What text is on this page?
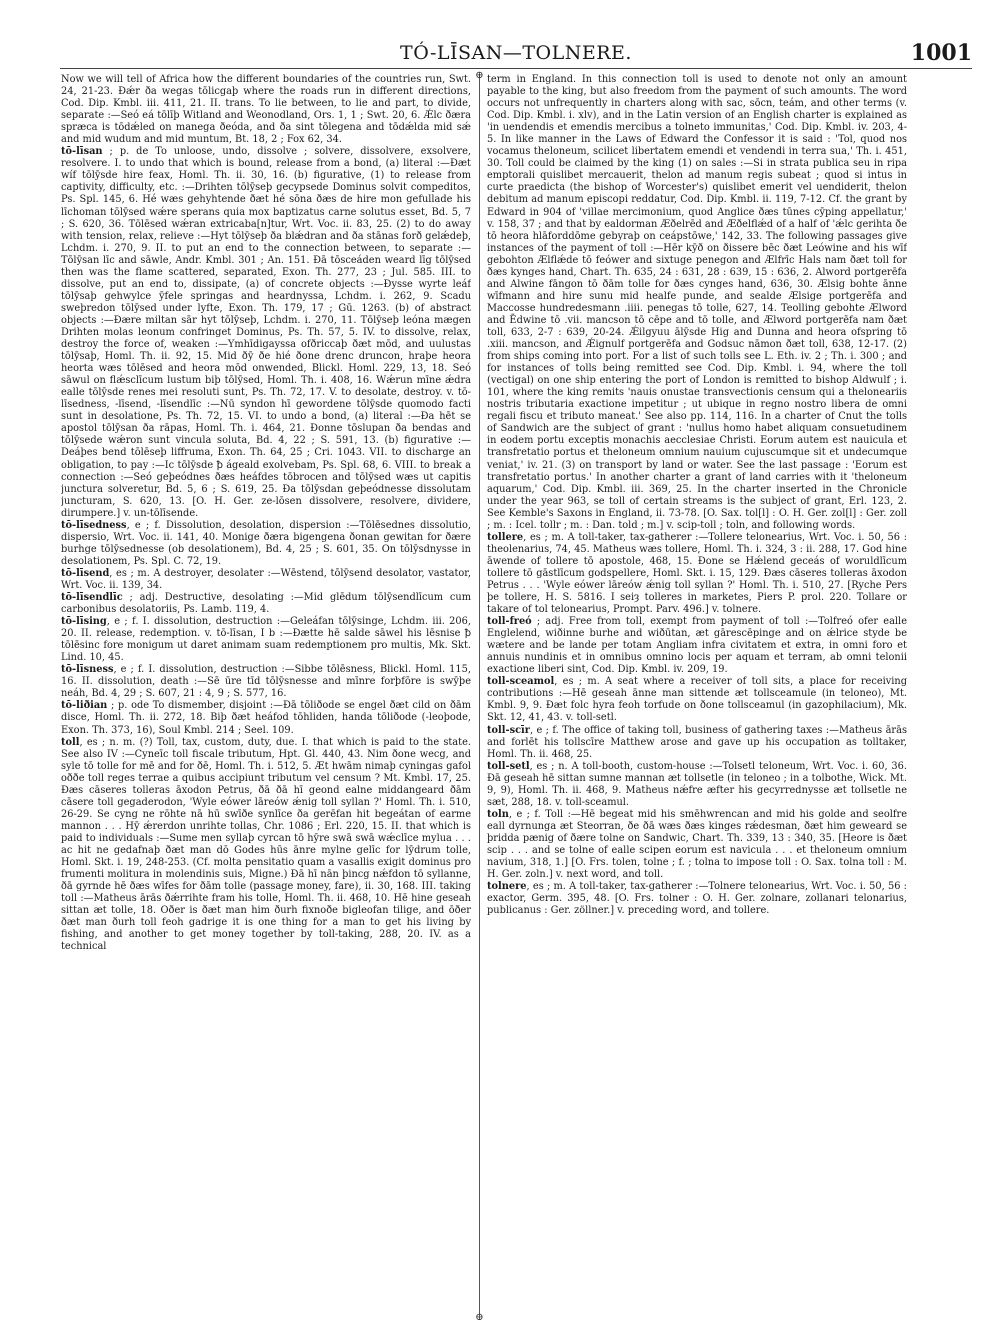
TÓ-LĪSAN—TOLNERE.	1001
⊕
⊕

Now we will tell of Africa how the different boundaries of the countries run, Swt. 24, 21-23. Ðǽr ða wegas tōlicgaþ where the roads run in different directions, Cod. Dip. Kmbl. iii. 411, 21. II. trans. To lie between, to lie and part, to divide, separate :—Seó eá tōlīþ Witland and Weonodland, Ors. 1, 1 ; Swt. 20, 6. Ǽlc ðæra spræca is tōdǽled on manega ðeóda, and ða sint tōlegena and tōdǽlda mid sǽ and mid wudum and mid muntum, Bt. 18, 2 ; Fox 62, 34.

tō-līsan ; p. de To unloose, undo, dissolve ; solvere, dissolvere, exsolvere, resolvere. I. to undo that which is bound, release from a bond, (a) literal :—Ðæt wíf tōlȳsde hire feax, Homl. Th. ii. 30, 16. (b) figurative, (1) to release from captivity, difficulty, etc. :—Drihten tōlȳseþ gecypsede Dominus solvit compeditos, Ps. Spl. 145, 6. Hé wæs gehyhtende ðæt hé sōna ðæs de hire mon gefullade his līchoman tōlȳsed wǽre sperans quia mox baptizatus carne solutus esset, Bd. 5, 7 ; S. 620, 36. Tōlēsed wǽran extricaba[n]tur, Wrt. Voc. ii. 83, 25. (2) to do away with tension, relax, relieve :—Hyt tōlȳseþ ða blǽdran and ða stānas forð gelǽdeþ, Lchdm. i. 270, 9. II. to put an end to the connection between, to separate :—Tōlȳsan līc and sāwle, Andr. Kmbl. 301 ; An. 151. Ðā tōsceáden weard līg tōlȳsed then was the flame scattered, separated, Exon. Th. 277, 23 ; Jul. 585. III. to dissolve, put an end to, dissipate, (a) of concrete objects :—Ðysse wyrte leáf tōlȳsaþ gehwylce ȳfele springas and heardnyssa, Lchdm. i. 262, 9. Scadu sweþredon tōlȳsed under lyfte, Exon. Th. 179, 17 ; Gū. 1263. (b) of abstract objects :—Ðære miltan sār hyt tōlȳseþ, Lchdm. i. 270, 11. Tōlȳseþ leóna mægen Drihten molas leonum confringet Dominus, Ps. Th. 57, 5. IV. to dissolve, relax, destroy the force of, weaken :—Ymhīdigayssa ofðriccaþ ðæt mōd, and uulustas tōlȳsaþ, Homl. Th. ii. 92, 15. Mid ðȳ ðe hié ðone drenc druncon, hraþe heora heorta wæs tōlēsed and heora mōd onwended, Blickl. Homl. 229, 13, 18. Seó sāwul on flǽsclīcum lustum biþ tōlȳsed, Homl. Th. i. 408, 16. Wǽrun mīne ǽdra ealle tōlȳsde renes mei resoluti sunt, Ps. Th. 72, 17. V. to desolate, destroy. v. tō-līsedness, -līsend, -līsendlīc :—Nū syndon hī gewordene tōlȳsde quomodo facti sunt in desolatione, Ps. Th. 72, 15. VI. to undo a bond, (a) literal :—Ða hēt se apostol tōlȳsan ða rāpas, Homl. Th. i. 464, 21. Ðonne tōslupan ða bendas and tōlȳsede wǽron sunt vincula soluta, Bd. 4, 22 ; S. 591, 13. (b) figurative :—Deáþes bend tōlēseþ liffruma, Exon. Th. 64, 25 ; Cri. 1043. VII. to discharge an obligation, to pay :—Ic tōlȳsde ꝥ ágeald exolvebam, Ps. Spl. 68, 6. VIII. to break a connection :—Seó geþeódnes ðæs heáfdes tōbrocen and tōlȳsed wæs ut capitis junctura solveretur, Bd. 5, 6 ; S. 619, 25. Ða tōlȳsdan geþeódnesse dissolutam juncturam, S. 620, 13. [O. H. Ger. ze-lōsen dissolvere, resolvere, dividere, dirumpere.] v. un-tōlīsende.

tō-līsedness, e ; f. Dissolution, desolation, dispersion :—Tōlēsednes dissolutio, dispersio, Wrt. Voc. ii. 141, 40. Monige ðæra bigengena ðonan gewitan for ðære burhge tōlȳsednesse (ob desolationem), Bd. 4, 25 ; S. 601, 35. On tōlȳsdnysse in desolationem, Ps. Spl. C. 72, 19.

tō-līsend, es ; m. A destroyer, desolater :—Wēstend, tōlȳsend desolator, vastator, Wrt. Voc. ii. 139, 34.

tō-līsendlīc ; adj. Destructive, desolating :—Mid glēdum tōlȳsendlīcum cum carbonibus desolatoriis, Ps. Lamb. 119, 4.

tō-līsing, e ; f. I. dissolution, destruction :—Geleáfan tōlȳsinge, Lchdm. iii. 206, 20. II. release, redemption. v. tō-līsan, I b :—Ðætte hē salde sāwel his lēsnise ꝥ tōlēsinc fore monigum ut daret animam suam redemptionem pro multis, Mk. Skt. Lind. 10, 45.

tō-līsness, e ; f. I. dissolution, destruction :—Sibbe tōlēsness, Blickl. Homl. 115, 16. II. dissolution, death :—Sē ūre tīd tōlȳsnesse and mīnre forþfōre is swȳþe neáh, Bd. 4, 29 ; S. 607, 21 : 4, 9 ; S. 577, 16.

tō-liðian ; p. ode To dismember, disjoint :—Ðā tōliðode se engel ðæt cild on ðām disce, Homl. Th. ii. 272, 18. Biþ ðæt heáfod tōhliden, handa tōliðode (-leoþode, Exon. Th. 373, 16), Soul Kmbl. 214 ; Seel. 109.

toll, es ; n. m. (?) Toll, tax, custom, duty, due. I. that which is paid to the state. See also IV :—Cyneīc toll fiscale tributum, Hpt. Gl. 440, 43. Nim ðone wecg, and syle tō tolle for mē and for ðē, Homl. Th. i. 512, 5. Æt hwām nimaþ cyningas gafol oððe toll reges terrae a quibus accipiunt tributum vel censum ? Mt. Kmbl. 17, 25. Ðæs cāseres tolleras āxodon Petrus, ðā ðā hī geond ealne middangeard ðām cāsere toll gegaderodon, 'Wyle eówer lāreów ǽnig toll syllan ?' Homl. Th. i. 510, 26-29. Se cyng ne rōhte nā hū swīðe synlīce ða gerēfan hit begeátan of earme mannon . . . Hȳ ǽrerdon unrihte tollas, Chr. 1086 ; Erl. 220, 15. II. that which is paid to individuals :—Sume men syllaþ cyrcan tō hȳre swā swā wǽclīce myluа . . . ac hit ne gedafnaþ ðæt man dō Godes hūs ānre mylne gelīc for lȳdrum tolle, Homl. Skt. i. 19, 248-253. (Cf. molta pensitatio quam a vasallis exigit dominus pro frumenti molitura in molendinis suis, Migne.) Ðā hī nān þincg nǽfdon tō syllanne, ðā gyrnde hē ðæs wīfes for ðām tolle (passage money, fare), ii. 30, 168. III. taking toll :—Matheus ārās ðǽrrihte fram his tolle, Homl. Th. ii. 468, 10. Hē hine geseah sittan æt tolle, 18. Oðer is ðæt man him ðurh fixnoðe bigleofan tilige, and ōðer ðæt man ðurh toll feoh gadrige it is one thing for a man to get his living by fishing, and another to get money together by toll-taking, 288, 20. IV. as a technical

term in England. In this connection toll is used to denote not only an amount payable to the king, but also freedom from the payment of such amounts. The word occurs not unfrequently in charters along with sac, sōcn, teám, and other terms (v. Cod. Dip. Kmbl. i. xlv), and in the Latin version of an English charter is explained as 'in uendendis et emendis mercibus a tolneto immunitas,' Cod. Dip. Kmbl. iv. 203, 4-5. In like manner in the Laws of Edward the Confessor it is said : 'Tol, quod nos vocamus theloneum, scilicet libertatem emendi et vendendi in terra sua,' Th. i. 451, 30. Toll could be claimed by the king (1) on sales :—Si in strata publica seu in ripa emptorali quislibet mercauerit, thelon ad manum regis subeat ; quod si intus in curte praedicta (the bishop of Worcester's) quislibet emerit vel uendiderit, thelon debitum ad manum episcopi reddatur, Cod. Dip. Kmbl. ii. 119, 7-12. Cf. the grant by Edward in 904 of 'villae mercimonium, quod Anglice ðæs tūnes cȳping appellatur,' v. 158, 37 ; and that by ealdorman Æðelrēd and Æðelflǽd of a half of 'ǽlc gerihta ðe tō heora hlāforddōme gebyraþ on ceápstōwe,' 142, 33. The following passages give instances of the payment of toll :—Hēr kȳð on ðissere bēc ðæt Leówine and his wīf gebohton Ælflǽde tō feówer and sixtuge penegon and Ælfrīc Hals nam ðæt toll for ðæs kynges hand, Chart. Th. 635, 24 : 631, 28 : 639, 15 : 636, 2. Alword portgerēfa and Alwine fāngon tō ðām tolle for ðæs cynges hand, 636, 30. Ælsig bohte ānne wīfmann and hire sunu mid healfe punde, and sealde Ælsige portgerēfa and Maccosse hundredesmann .iiii. penegas tō tolle, 627, 14. Teolling gebohte Ælword and Ēdwine tō .vii. mancson tō cēpe and tō tolle, and Ælword portgerēfa nam ðæt toll, 633, 2-7 : 639, 20-24. Ǽilgyuu ālȳsde Hig and Dunna and heora ofspring tō .xiii. mancson, and Ǽignulf portgerēfa and Godsuc nāmon ðæt toll, 638, 12-17. (2) from ships coming into port. For a list of such tolls see L. Eth. iv. 2 ; Th. i. 300 ; and for instances of tolls being remitted see Cod. Dip. Kmbl. i. 94, where the toll (vectigal) on one ship entering the port of London is remitted to bishop Aldwulf ; i. 101, where the king remits 'nauis onustae transvectionis censum qui a theloneariis nostris tributaria exactione impetitur ; ut ubique in regno nostro libera de omni regali fiscu et tributo maneat.' See also pp. 114, 116. In a charter of Cnut the tolls of Sandwich are the subject of grant : 'nullus homo habet aliquam consuetudinem in eodem portu exceptis monachis aecclesiae Christi. Eorum autem est nauicula et transfretatio portus et theloneum omnium nauium cujuscumque sit et undecumque veniat,' iv. 21. (3) on transport by land or water. See the last passage : 'Eorum est transfretatio portus.' In another charter a grant of land carries with it 'theloneum aquarum,' Cod. Dip. Kmbl. iii. 369, 25. In the charter inserted in the Chronicle under the year 963, se toll of certain streams is the subject of grant, Erl. 123, 2. See Kemble's Saxons in England, ii. 73-78. [O. Sax. tol[l] : O. H. Ger. zol[l] : Ger. zoll ; m. : Icel. tollr ; m. : Dan. told ; m.] v. scip-toll ; toln, and following words.

tollere, es ; m. A toll-taker, tax-gatherer :—Tollere telonearius, Wrt. Voc. i. 50, 56 : theolenarius, 74, 45. Matheus wæs tollere, Homl. Th. i. 324, 3 : ii. 288, 17. God hine āwende of tollere tō apostole, 468, 15. Ðone se Hǽlend geceás of woruldlīcum tollere tō gāstlīcum godspellere, Homl. Skt. i. 15, 129. Ðæs cāseres tolleras āxodon Petrus . . . 'Wyle eówer lāreów ǽnig toll syllan ?' Homl. Th. i. 510, 27. [Ryche Pers þe tollere, H. S. 5816. I seiȝ tolleres in marketes, Piers P. prol. 220. Tollare or takare of tol telonearius, Prompt. Parv. 496.] v. tolnere.

toll-freó ; adj. Free from toll, exempt from payment of toll :—Tolfreó ofer ealle Englelend, wiðinne burhe and wiðūtan, æt gārescēpinge and on ǽlrice styde be wætere and be lande per totam Angliam infra civitatem et extra, in omni foro et annuis nundinis et in omnibus omnino locis per aquam et terram, ab omni telonii exactione liberi sint, Cod. Dip. Kmbl. iv. 209, 19.

toll-sceamol, es ; m. A seat where a receiver of toll sits, a place for receiving contributions :—Hē geseah ānne man sittende æt tollsceamule (in teloneo), Mt. Kmbl. 9, 9. Ðæt folc hyra feoh torfude on ðone tollsceamul (in gazophilacium), Mk. Skt. 12, 41, 43. v. toll-setl.

toll-scīr, e ; f. The office of taking toll, business of gathering taxes :—Matheus ārās and forlēt his tollscīre Matthew arose and gave up his occupation as tolltaker, Homl. Th. ii. 468, 25.

toll-setl, es ; n. A toll-booth, custom-house :—Tolsetl teloneum, Wrt. Voc. i. 60, 36. Ðā geseah hē sittan sumne mannan æt tollsetle (in teloneo ; in a tolbothe, Wick. Mt. 9, 9), Homl. Th. ii. 468, 9. Matheus nǽfre æfter his gecyrrednysse æt tollsetle ne sæt, 288, 18. v. toll-sceamul.

toln, e ; f. Toll :—Hē begeat mid his smēhwrencan and mid his golde and seolfre eall dyrnunga æt Steorran, ðe ðā wæs ðæs kinges rǽdesman, ðæt him geweard se þridda pænig of ðære tolne on Sandwic, Chart. Th. 339, 13 : 340, 35. [Heore is ðæt scip . . . and se tolne of ealle scipen eorum est navicula . . . et theloneum omnium navium, 318, 1.] [O. Frs. tolen, tolne ; f. ; tolna to impose toll : O. Sax. tolna toll : M. H. Ger. zoln.] v. next word, and toll.

tolnere, es ; m. A toll-taker, tax-gatherer :—Tolnere telonearius, Wrt. Voc. i. 50, 56 : exactor, Germ. 395, 48. [O. Frs. tolner : O. H. Ger. zolnare, zollanari telonarius, publicanus : Ger. zöllner.] v. preceding word, and tollere.
